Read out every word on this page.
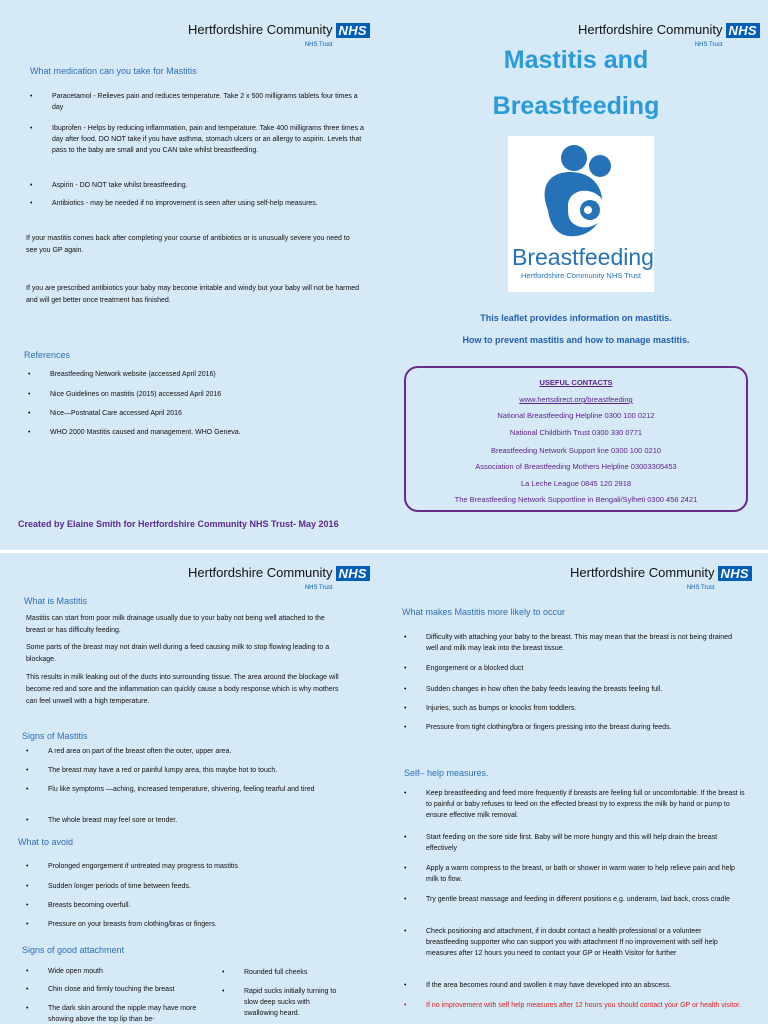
Hertfordshire Community
NHS Trust
NHS
What medication can you take for Mastitis
•	Paracetamol - Relieves pain and reduces temperature. Take 2 x 500 milligrams tablets four times a day
•	Ibuprofen - Helps by reducing inflammation, pain and temperature. Take 400 milligrams three times a day after food. DO NOT take if you have asthma, stomach ulcers or an allergy to aspirin. Levels that pass to the baby are small and you CAN take whilst breastfeeding.
•	Aspirin - DO NOT take whilst breastfeeding.
•	Antibiotics - may be needed if no improvement is seen after using self-help measures.
If your mastitis comes back after completing your course of antibiotics or is unusually severe you need to see you GP again.
If you are prescribed antibiotics your baby may become irritable and windy but your baby will not be harmed and will get better once treatment has finished.
References
•	Breastfeeding Network website (accessed April 2016)
•	Nice Guidelines on mastitis (2015) accessed April 2016
•	Nice—Postnatal Care accessed April 2016
•	WHO 2000 Mastitis caused and management. WHO Geneva.
Created by Elaine Smith for Hertfordshire Community NHS Trust- May 2016
Hertfordshire Community
NHS Trust
NHS
Mastitis and
Breastfeeding
Breastfeeding
Hertfordshire Community NHS Trust
This leaflet provides information on mastitis.
How to prevent mastitis and how to manage mastitis.
USEFUL CONTACTS
www.hertsdirect.org/breastfeeding
National Breastfeeding Helpline 0300 100 0212
National Childbirth Trust 0300 330 0771
Breastfeeding Network Support line 0300 100 0210
Association of Breastfeeding Mothers Helpline 03003305453
La Leche League 0845 120 2918
The Breastfeeding Network Supportline in Bengali/Sylheti 0300 456 2421
Hertfordshire Community
NHS Trust
NHS
What is Mastitis
Mastitis can start from poor milk drainage usually due to your baby not being well attached to the breast or has difficulty feeding.
Some parts of the breast may not drain well during a feed causing milk to stop flowing leading to a blockage.
This results in milk leaking out of the ducts into surrounding tissue. The area around the blockage will become red and sore and the inflammation can quickly cause a body response which is why mothers can feel unwell with a high temperature.
Signs of Mastitis
•	A red area on part of the breast often the outer, upper area.
•	The breast may have a red or painful lumpy area, this maybe hot to touch.
•	Flu like symptoms —aching, increased temperature, shivering, feeling tearful and tired
•	The whole breast may feel sore or tender.
What to avoid
•	Prolonged engorgement if untreated may progress to mastitis
•	Sudden longer periods of time between feeds.
•	Breasts becoming overfull.
•	Pressure on your breasts from clothing/bras or fingers.
Signs of good attachment
•	Wide open mouth
•	Chin close and firmly touching the breast
•	The dark skin around the nipple may have more showing above the top lip than be-
•	Rounded full cheeks
•	Rapid sucks initially turning to slow deep sucks with swallowing heard.
Hertfordshire Community
NHS Trust
NHS
What makes Mastitis more likely to occur
•	Difficulty with attaching your baby to the breast. This may mean that the breast is not being drained well and milk may leak into the breast tissue.
•	Engorgement or a blocked duct
•	Sudden changes in how often the baby feeds leaving the breasts feeling full.
•	Injuries, such as bumps or knocks from toddlers.
•	Pressure from tight clothing/bra or fingers pressing into the breast during feeds.
Self– help measures.
•	Keep breastfeeding and feed more frequently if breasts are feeling full or uncomfortable. If the breast is to painful or baby refuses to feed on the effected breast try to express the milk by hand or pump to ensure effective milk removal.
•	Start feeding on the sore side first. Baby will be more hungry and this will help drain the breast effectively
•	Apply a warm compress to the breast, or bath or shower in warm water to help relieve pain and help milk to flow.
•	Try gentle breast massage and feeding in different positions e.g. underarm, laid back, cross cradle
•	Check positioning and attachment, if in doubt contact a health professional or a volunteer breastfeeding supporter who can support you with attachment If no improvement with self help measures after 12 hours you need to contact your GP or Health Visitor for further
•	If the area becomes round and swollen it may have developed into an abscess.
•	If no improvement with self help measures after 12 hours you should contact your GP or health visitor.
